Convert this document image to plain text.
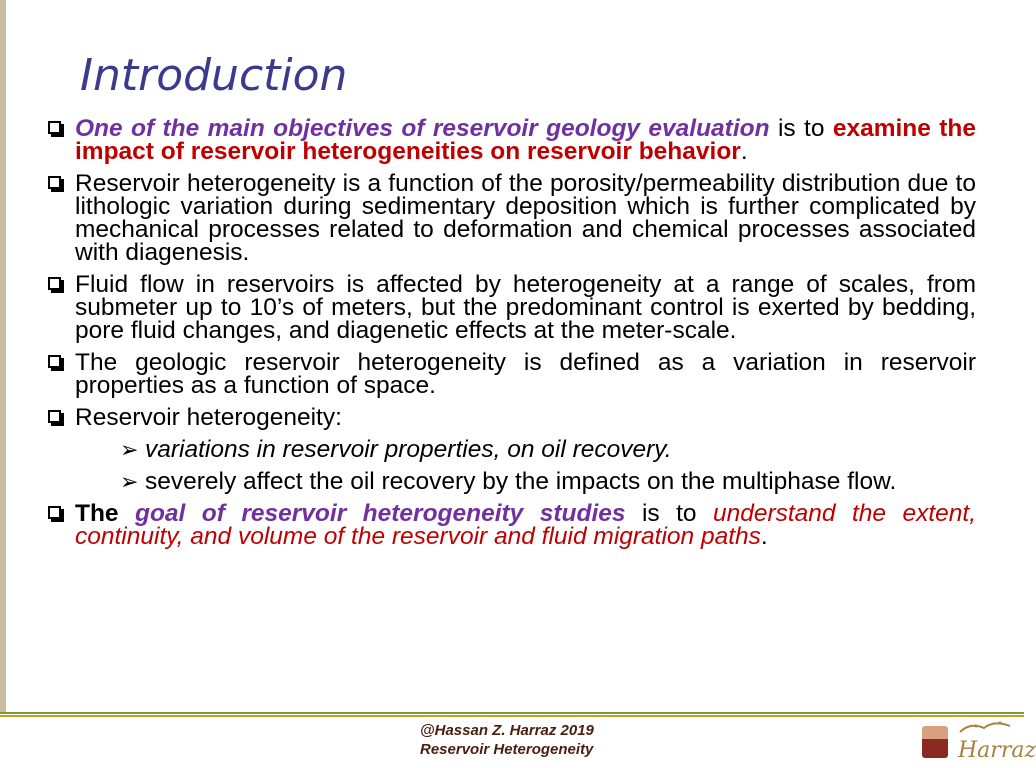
Introduction
One of the main objectives of reservoir geology evaluation is to examine the impact of reservoir heterogeneities on reservoir behavior.
Reservoir heterogeneity is a function of the porosity/permeability distribution due to lithologic variation during sedimentary deposition which is further complicated by mechanical processes related to deformation and chemical processes associated with diagenesis.
Fluid flow in reservoirs is affected by heterogeneity at a range of scales, from submeter up to 10’s of meters, but the predominant control is exerted by bedding, pore fluid changes, and diagenetic effects at the meter-scale.
The geologic reservoir heterogeneity is defined as a variation in reservoir properties as a function of space.
Reservoir heterogeneity:
➢ variations in reservoir properties, on oil recovery.
➢ severely affect the oil recovery by the impacts on the multiphase flow.
The goal of reservoir heterogeneity studies is to understand the extent, continuity, and volume of the reservoir and fluid migration paths.
@Hassan Z. Harraz 2019
Reservoir Heterogeneity	Harraz
